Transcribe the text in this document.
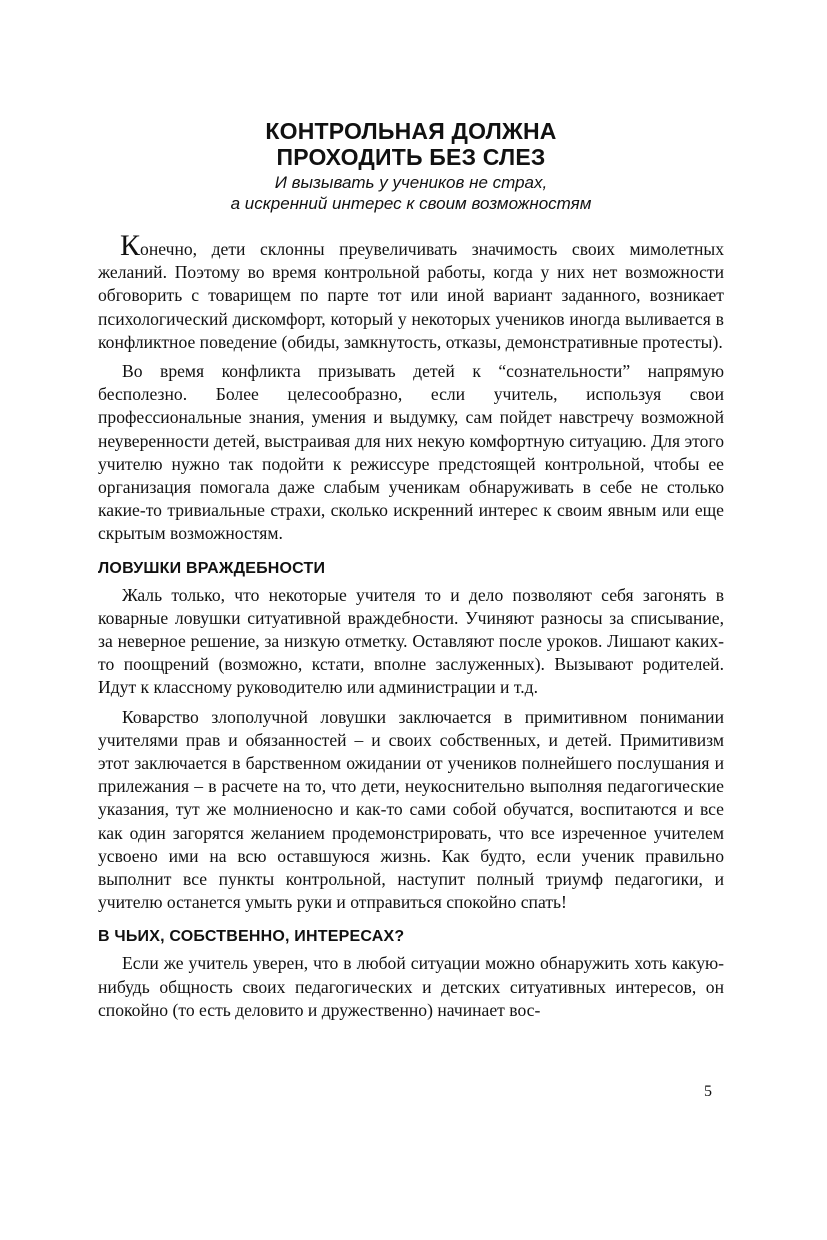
КОНТРОЛЬНАЯ ДОЛЖНА
ПРОХОДИТЬ БЕЗ СЛЕЗ
И вызывать у учеников не страх,
а искренний интерес к своим возможностям

Конечно, дети склонны преувеличивать значимость своих мимолетных желаний. Поэтому во время контрольной работы, когда у них нет возможности обговорить с товарищем по парте тот или иной вариант заданного, возникает психологический дискомфорт, который у некоторых учеников иногда выливается в конфликтное поведение (обиды, замкнутость, отказы, демонстративные протесты).

Во время конфликта призывать детей к “сознательности” напрямую бесполезно. Более целесообразно, если учитель, используя свои профессиональные знания, умения и выдумку, сам пойдет навстречу возможной неуверенности детей, выстраивая для них некую комфортную ситуацию. Для этого учителю нужно так подойти к режиссуре предстоящей контрольной, чтобы ее организация помогала даже слабым ученикам обнаруживать в себе не столько какие-то тривиальные страхи, сколько искренний интерес к своим явным или еще скрытым возможностям.

ЛОВУШКИ ВРАЖДЕБНОСТИ

Жаль только, что некоторые учителя то и дело позволяют себя загонять в коварные ловушки ситуативной враждебности. Учиняют разносы за списывание, за неверное решение, за низкую отметку. Оставляют после уроков. Лишают каких-то поощрений (возможно, кстати, вполне заслуженных). Вызывают родителей. Идут к классному руководителю или администрации и т.д.

Коварство злополучной ловушки заключается в примитивном понимании учителями прав и обязанностей – и своих собственных, и детей. Примитивизм этот заключается в барственном ожидании от учеников полнейшего послушания и прилежания – в расчете на то, что дети, неукоснительно выполняя педагогические указания, тут же молниеносно и как-то сами собой обучатся, воспитаются и все как один загорятся желанием продемонстрировать, что все изреченное учителем усвоено ими на всю оставшуюся жизнь. Как будто, если ученик правильно выполнит все пункты контрольной, наступит полный триумф педагогики, и учителю останется умыть руки и отправиться спокойно спать!

В ЧЬИХ, СОБСТВЕННО, ИНТЕРЕСАХ?

Если же учитель уверен, что в любой ситуации можно обнаружить хоть какую-нибудь общность своих педагогических и детских ситуативных интересов, он спокойно (то есть деловито и дружественно) начинает вос-

5
